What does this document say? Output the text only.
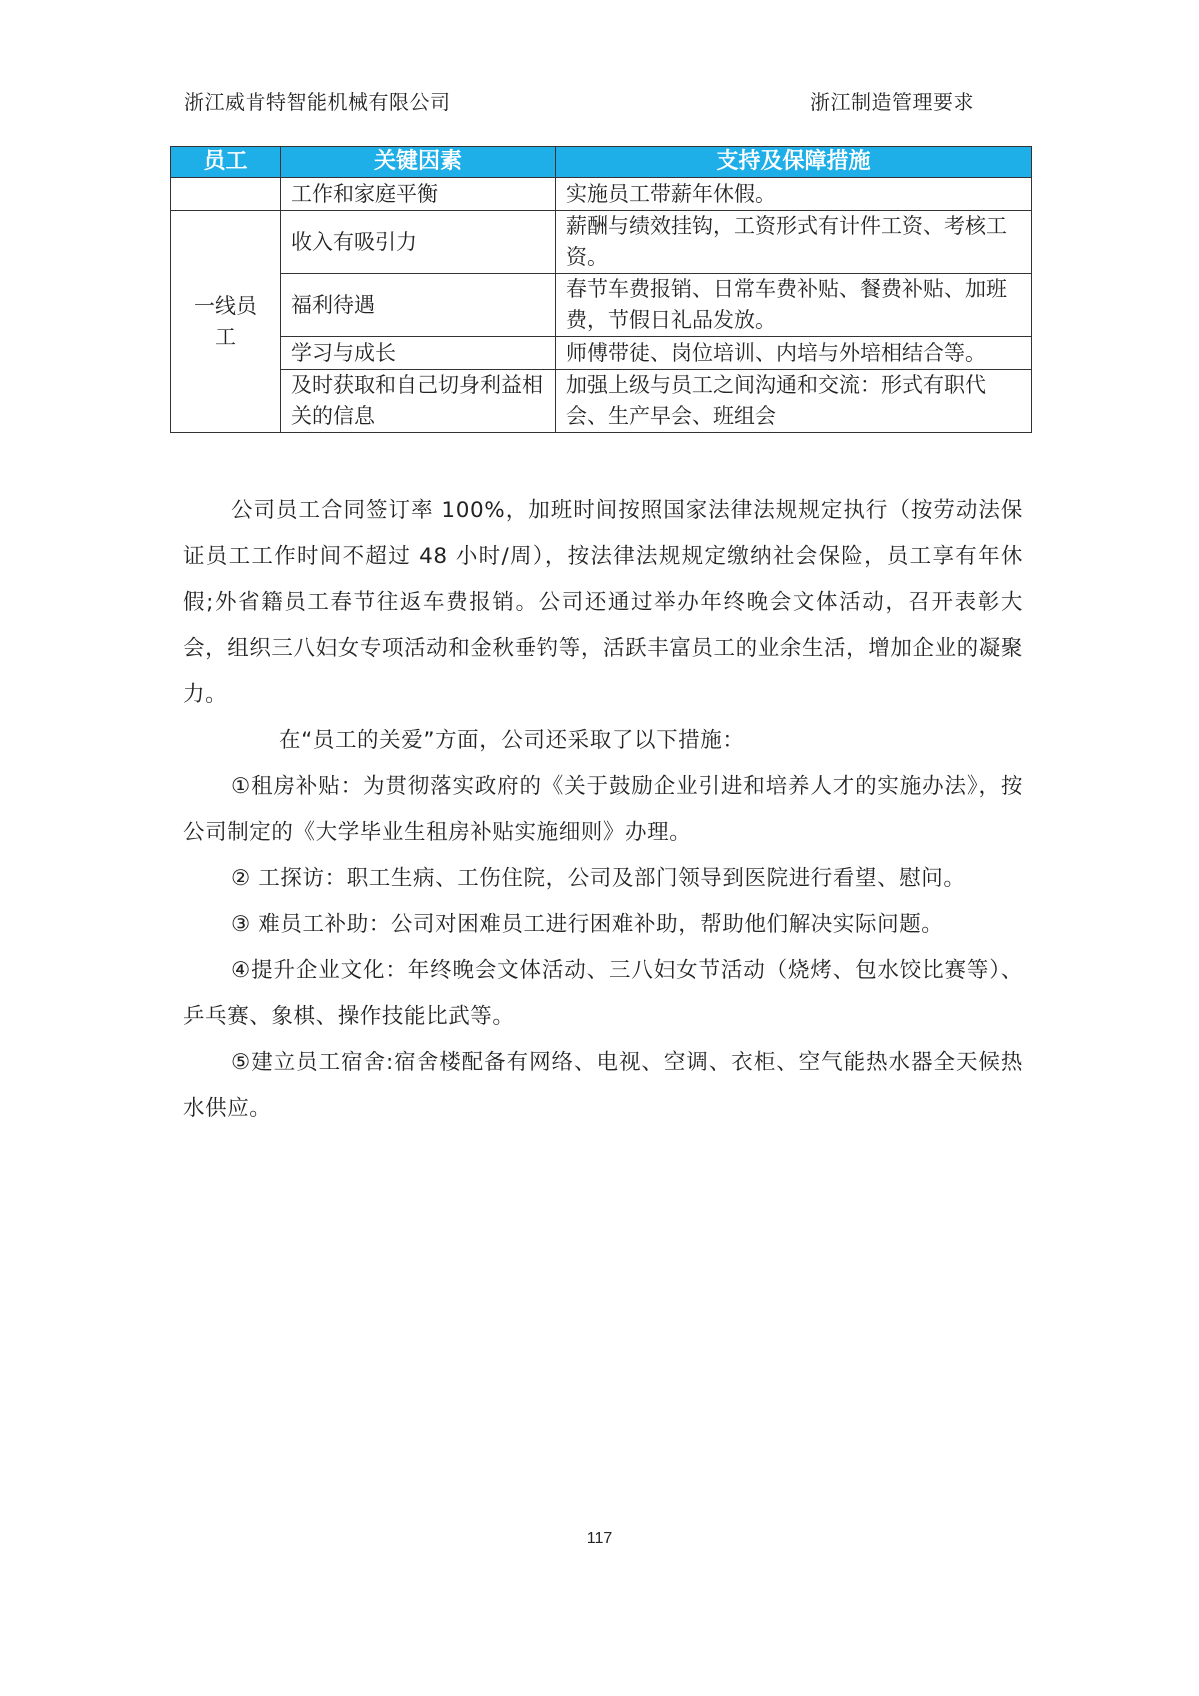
浙江威肯特智能机械有限公司	浙江制造管理要求
员工	关键因素	支持及保障措施
	工作和家庭平衡	实施员工带薪年休假。
一线员工	收入有吸引力	薪酬与绩效挂钩，工资形式有计件工资、考核工资。
	福利待遇	春节车费报销、日常车费补贴、餐费补贴、加班费，节假日礼品发放。
	学习与成长	师傅带徒、岗位培训、内培与外培相结合等。
	及时获取和自己切身利益相关的信息	加强上级与员工之间沟通和交流：形式有职代会、生产早会、班组会

公司员工合同签订率 100%，加班时间按照国家法律法规规定执行（按劳动法保证员工工作时间不超过 48 小时/周），按法律法规规定缴纳社会保险，员工享有年休假;外省籍员工春节往返车费报销。公司还通过举办年终晚会文体活动，召开表彰大会，组织三八妇女专项活动和金秋垂钓等，活跃丰富员工的业余生活，增加企业的凝聚力。

在“员工的关爱”方面，公司还采取了以下措施：

①租房补贴：为贯彻落实政府的《关于鼓励企业引进和培养人才的实施办法》，按公司制定的《大学毕业生租房补贴实施细则》办理。

② 工探访：职工生病、工伤住院，公司及部门领导到医院进行看望、慰问。

③ 难员工补助：公司对困难员工进行困难补助，帮助他们解决实际问题。

④提升企业文化：年终晚会文体活动、三八妇女节活动（烧烤、包水饺比赛等）、乒乓赛、象棋、操作技能比武等。

⑤建立员工宿舍:宿舍楼配备有网络、电视、空调、衣柜、空气能热水器全天候热水供应。

117
